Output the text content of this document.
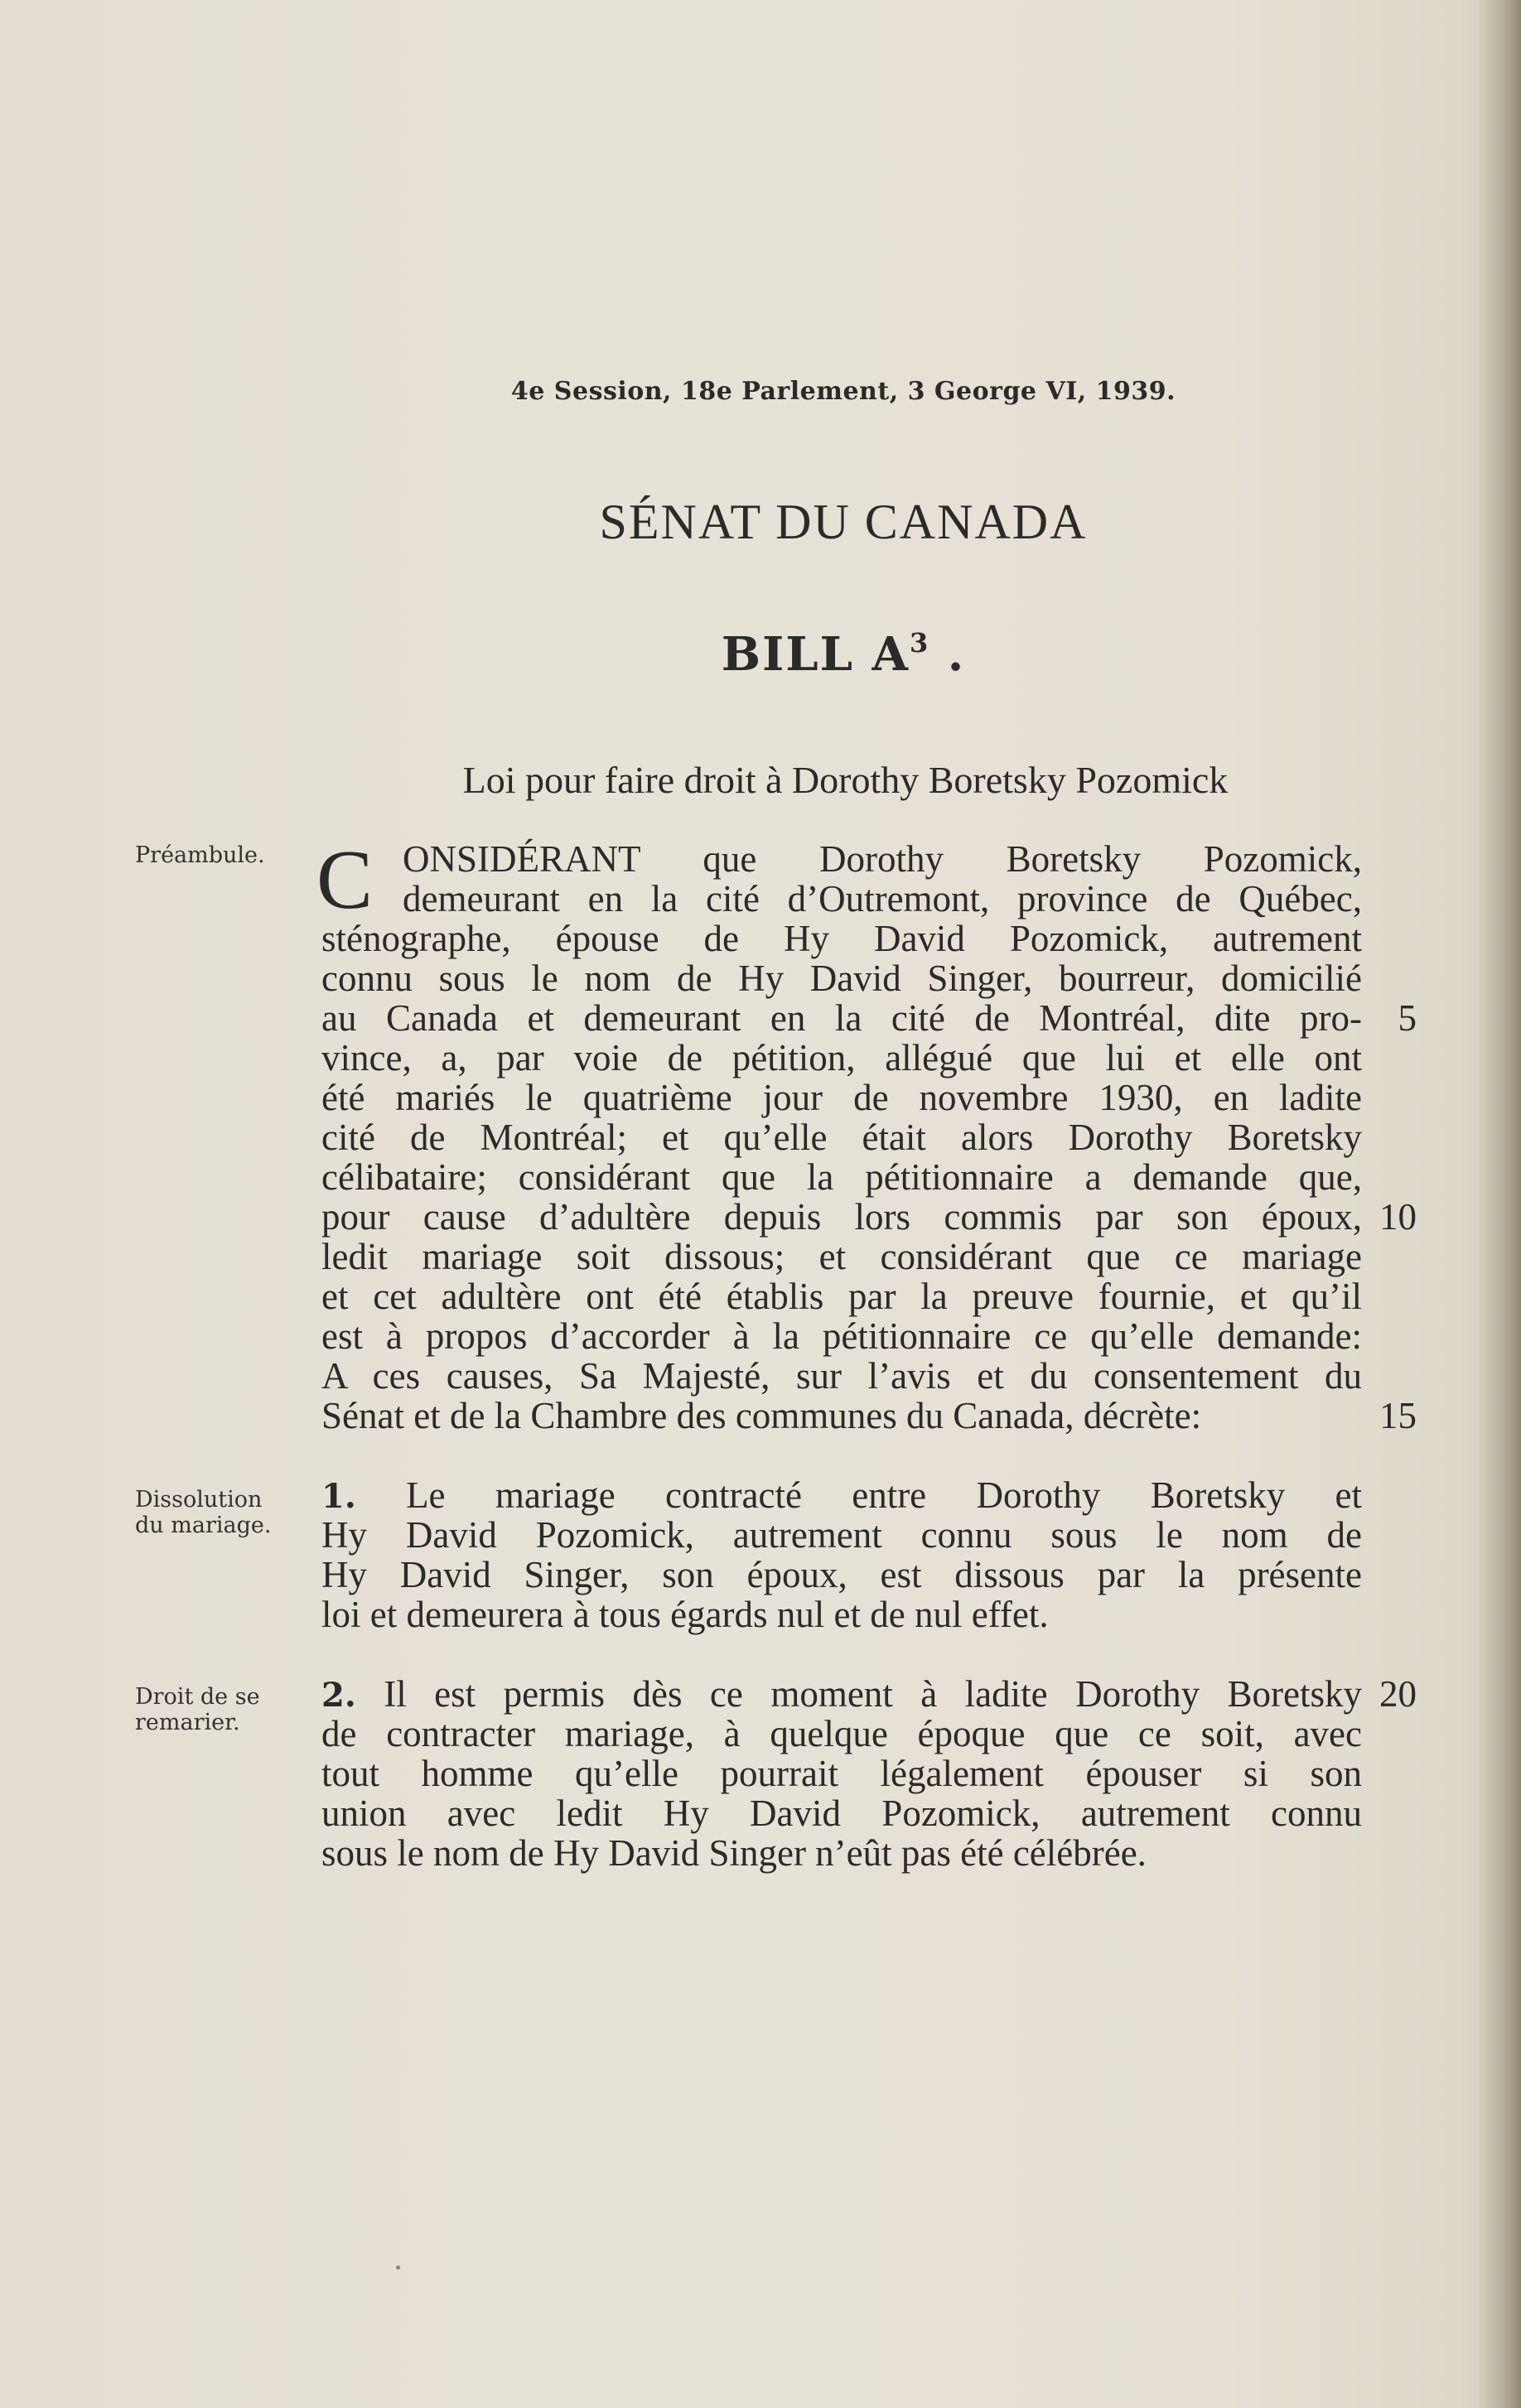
4e Session, 18e Parlement, 3 George VI, 1939.
SÉNAT DU CANADA
BILL $A^3$ .
Loi pour faire droit à Dorothy Boretsky Pozomick
Préambule. C ONSIDÉRANT que Dorothy Boretsky Pozomick,
demeurant en la cité d’Outremont, province de Québec,
sténographe, épouse de Hy David Pozomick, autrement
connu sous le nom de Hy David Singer, bourreur, domicilié
au Canada et demeurant en la cité de Montréal, dite pro-
vince, a, par voie de pétition, allégué que lui et elle ont
été mariés le quatrième jour de novembre 1930, en ladite
cité de Montréal; et qu’elle était alors Dorothy Boretsky
célibataire; considérant que la pétitionnaire a demande que,
pour cause d’adultère depuis lors commis par son époux,
ledit mariage soit dissous; et considérant que ce mariage
et cet adultère ont été établis par la preuve fournie, et qu’il
est à propos d’accorder à la pétitionnaire ce qu’elle demande:
A ces causes, Sa Majesté, sur l’avis et du consentement du
Sénat et de la Chambre des communes du Canada, décrète:
Dissolution
du mariage.
1. Le mariage contracté entre Dorothy Boretsky et
Hy David Pozomick, autrement connu sous le nom de
Hy David Singer, son époux, est dissous par la présente
loi et demeurera à tous égards nul et de nul effet.
Droit de se
remarier.
2. Il est permis dès ce moment à ladite Dorothy Boretsky
de contracter mariage, à quelque époque que ce soit, avec
tout homme qu’elle pourrait légalement épouser si son
union avec ledit Hy David Pozomick, autrement connu
sous le nom de Hy David Singer n’eût pas été célébrée.
5
10
15
20
